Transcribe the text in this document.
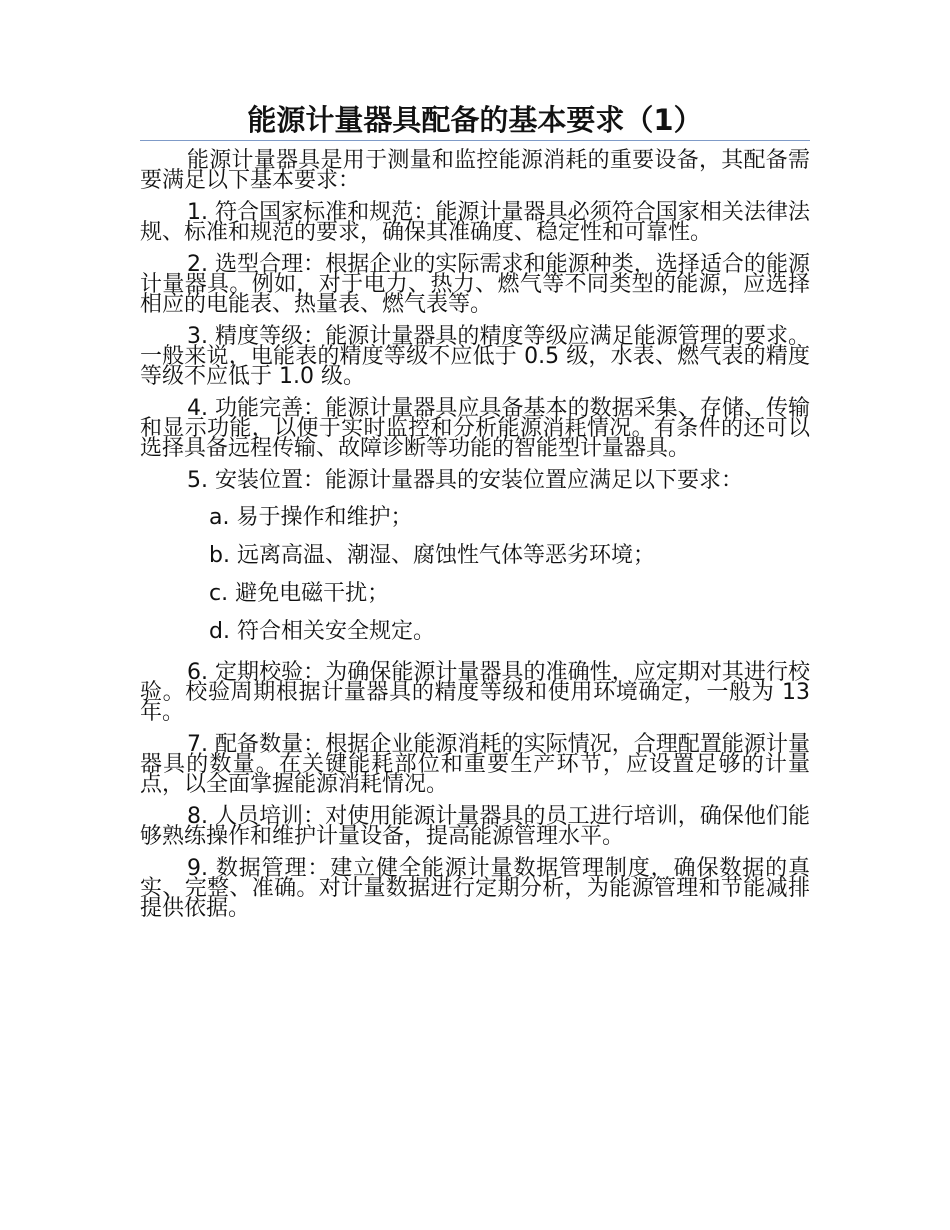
能源计量器具配备的基本要求（1）

能源计量器具是用于测量和监控能源消耗的重要设备，其配备需要满足以下基本要求：

1. 符合国家标准和规范：能源计量器具必须符合国家相关法律法规、标准和规范的要求，确保其准确度、稳定性和可靠性。

2. 选型合理：根据企业的实际需求和能源种类，选择适合的能源计量器具。例如，对于电力、热力、燃气等不同类型的能源，应选择相应的电能表、热量表、燃气表等。

3. 精度等级：能源计量器具的精度等级应满足能源管理的要求。一般来说，电能表的精度等级不应低于 0.5 级，水表、燃气表的精度等级不应低于 1.0 级。

4. 功能完善：能源计量器具应具备基本的数据采集、存储、传输和显示功能，以便于实时监控和分析能源消耗情况。有条件的还可以选择具备远程传输、故障诊断等功能的智能型计量器具。

5. 安装位置：能源计量器具的安装位置应满足以下要求：

a. 易于操作和维护；

b. 远离高温、潮湿、腐蚀性气体等恶劣环境；

c. 避免电磁干扰；

d. 符合相关安全规定。

6. 定期校验：为确保能源计量器具的准确性，应定期对其进行校验。校验周期根据计量器具的精度等级和使用环境确定，一般为 13 年。

7. 配备数量：根据企业能源消耗的实际情况，合理配置能源计量器具的数量。在关键能耗部位和重要生产环节，应设置足够的计量点，以全面掌握能源消耗情况。

8. 人员培训：对使用能源计量器具的员工进行培训，确保他们能够熟练操作和维护计量设备，提高能源管理水平。

9. 数据管理：建立健全能源计量数据管理制度，确保数据的真实、完整、准确。对计量数据进行定期分析，为能源管理和节能减排提供依据。
